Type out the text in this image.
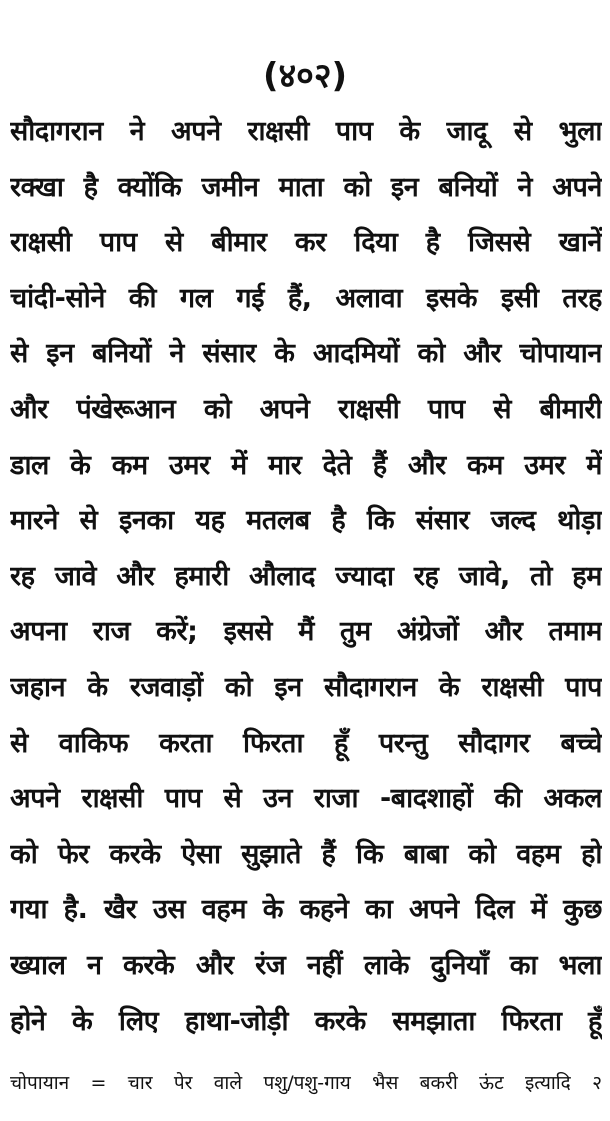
(४०२)
सौदागरान ने अपने राक्षसी पाप के जादू से भुला
रक्खा है क्योंकि जमीन माता को इन बनियों ने अपने
राक्षसी पाप से बीमार कर दिया है जिससे खानें
चांदी-सोने की गल गई हैं, अलावा इसके इसी तरह
से इन बनियों ने संसार के आदमियों को और चोपायान
और पंखेरूआन को अपने राक्षसी पाप से बीमारी
डाल के कम उमर में मार देते हैं और कम उमर में
मारने से इनका यह मतलब है कि संसार जल्द थोड़ा
रह जावे और हमारी औलाद ज्यादा रह जावे, तो हम
अपना राज करें; इससे मैं तुम अंग्रेजों और तमाम
जहान के रजवाड़ों को इन सौदागरान के राक्षसी पाप
से वाकिफ करता फिरता हूँ परन्तु सौदागर बच्चे
अपने राक्षसी पाप से उन राजा -बादशाहों की अकल
को फेर करके ऐसा सुझाते हैं कि बाबा को वहम हो
गया है. खैर उस वहम के कहने का अपने दिल में कुछ
ख्याल न करके और रंज नहीं लाके दुनियाँ का भला
होने के लिए हाथा-जोड़ी करके समझाता फिरता हूँ
चोपायान = चार पेर वाले पशु/पशु-गाय भैस बकरी ऊंट इत्यादि २
